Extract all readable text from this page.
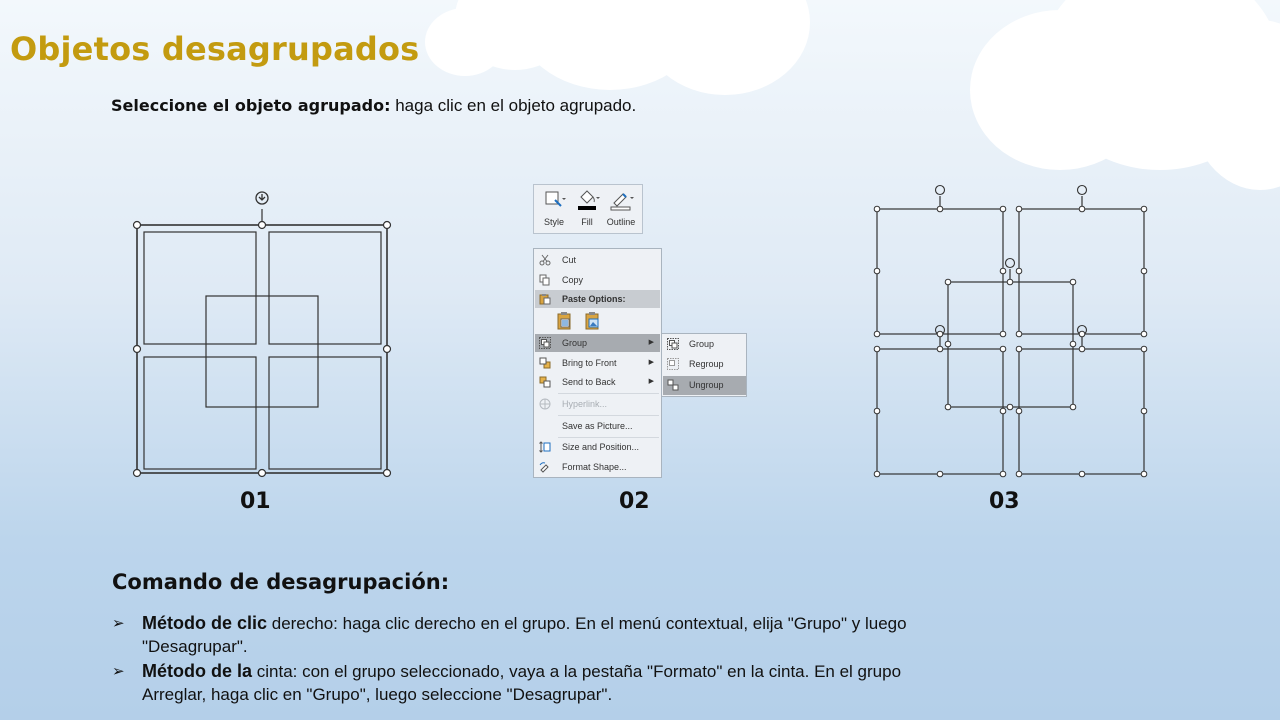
Objetos desagrupados
Seleccione el objeto agrupado: haga clic en el objeto agrupado.
Style	Fill	Outline
Cut
Copy
Paste Options:
Group	▶
Bring to Front	▶
Send to Back	▶
Hyperlink...
Save as Picture...
Size and Position...
Format Shape...
Group
Regroup
Ungroup
01	02	03
Comando de desagrupación:
➢ Método de clic derecho: haga clic derecho en el grupo. En el menú contextual, elija "Grupo" y luego "Desagrupar".
➢ Método de la cinta: con el grupo seleccionado, vaya a la pestaña "Formato" en la cinta. En el grupo Arreglar, haga clic en "Grupo", luego seleccione "Desagrupar".
